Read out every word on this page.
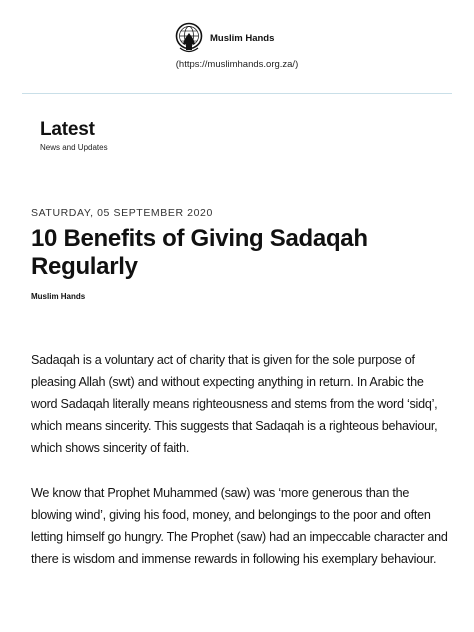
Muslim Hands
(https://muslimhands.org.za/)
Latest
News and Updates
SATURDAY, 05 SEPTEMBER 2020
10 Benefits of Giving Sadaqah Regularly
Muslim Hands

Sadaqah is a voluntary act of charity that is given for the sole purpose of pleasing Allah (swt) and without expecting anything in return. In Arabic the word Sadaqah literally means righteousness and stems from the word ‘sidq’, which means sincerity. This suggests that Sadaqah is a righteous behaviour, which shows sincerity of faith.

We know that Prophet Muhammed (saw) was ‘more generous than the blowing wind’, giving his food, money, and belongings to the poor and often letting himself go hungry. The Prophet (saw) had an impeccable character and there is wisdom and immense rewards in following his exemplary behaviour.
